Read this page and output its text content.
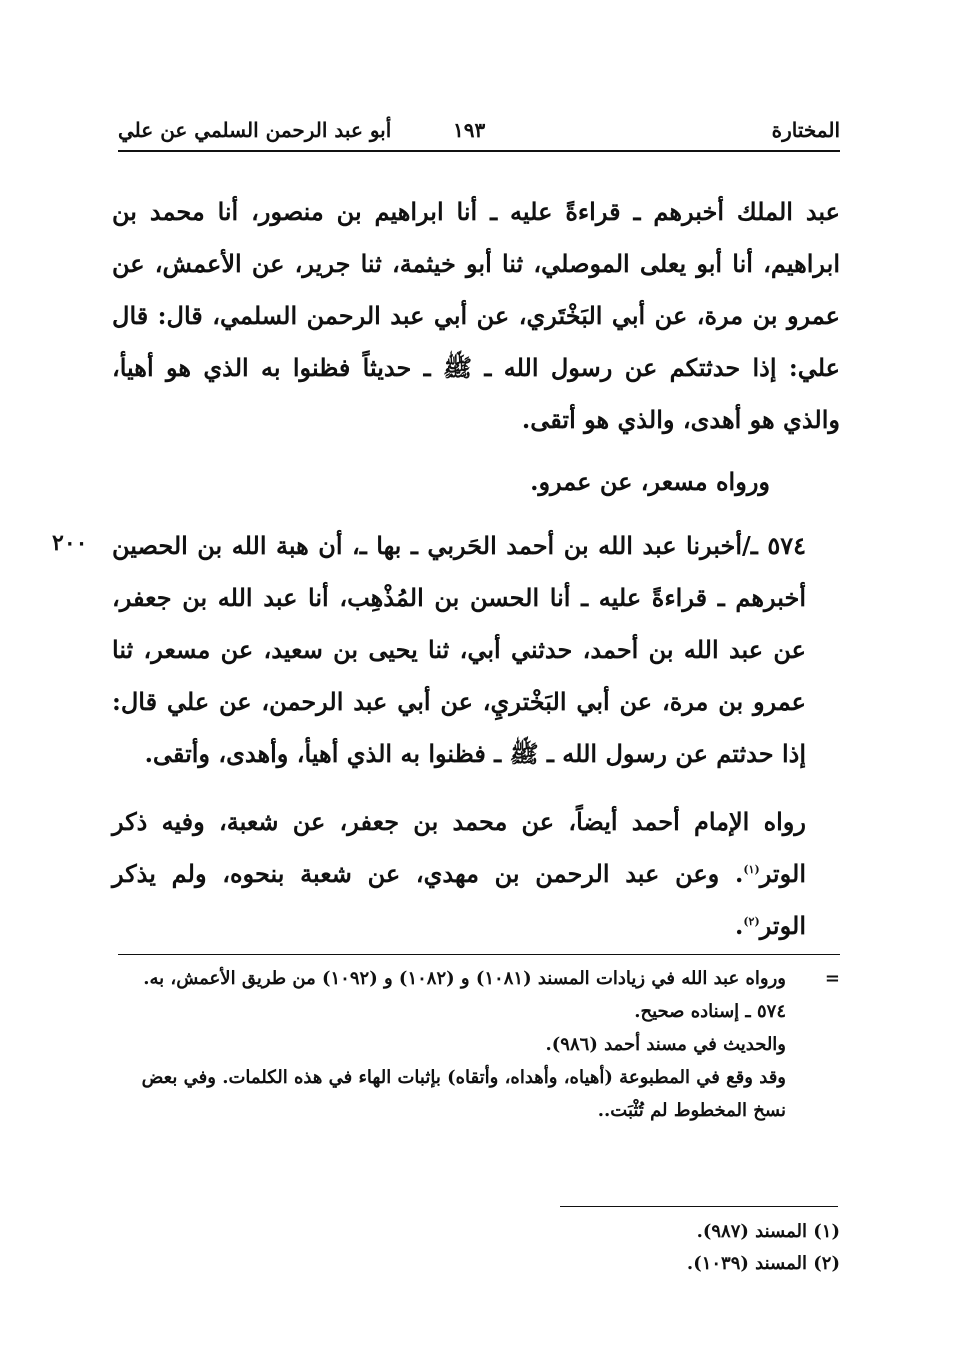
المختارة
١٩٣
أبو عبد الرحمن السلمي عن علي

عبد الملك أخبرهم ـ قراءةً عليه ـ أنا ابراهيم بن منصور، أنا محمد بن ابراهيم، أنا أبو يعلى الموصلي، ثنا أبو خيثمة، ثنا جرير، عن الأعمش، عن عمرو بن مرة، عن أبي البَخْتَري، عن أبي عبد الرحمن السلمي، قال: قال علي: إذا حدثتكم عن رسول الله ـ ﷺ ـ حديثاً فظنوا به الذي هو أهيأ، والذي هو أهدى، والذي هو أتقى.

ورواه مسعر، عن عمرو.

٢٠٠ ٥٧٤ ـ/أخبرنا عبد الله بن أحمد الحَربي ـ بها ـ، أن هبة الله بن الحصين أخبرهم ـ قراءةً عليه ـ أنا الحسن بن المُذْهِب، أنا عبد الله بن جعفر، عن عبد الله بن أحمد، حدثني أبي، ثنا يحيى بن سعيد، عن مسعر، ثنا عمرو بن مرة، عن أبي البَخْتريِ، عن أبي عبد الرحمن، عن علي قال: إذا حدثتم عن رسول الله ـ ﷺ ـ فظنوا به الذي أهيأ، وأهدى، وأتقى.

رواه الإمام أحمد أيضاً، عن محمد بن جعفر، عن شعبة، وفيه ذكر الوتر$^{(١)}$. وعن عبد الرحمن بن مهدي، عن شعبة بنحوه، ولم يذكر الوتر$^{(٢)}$.

=

ورواه عبد الله في زيادات المسند (١٠٨١) و (١٠٨٢) و (١٠٩٢) من طريق الأعمش، به.

٥٧٤ ـ إسناده صحيح.

والحديث في مسند أحمد (٩٨٦).

وقد وقع في المطبوعة (أهياه، وأهداه، وأتقاه) بإثبات الهاء في هذه الكلمات. وفي بعض نسخ المخطوط لم تُثْبَت..

(١) المسند (٩٨٧).

(٢) المسند (١٠٣٩).
